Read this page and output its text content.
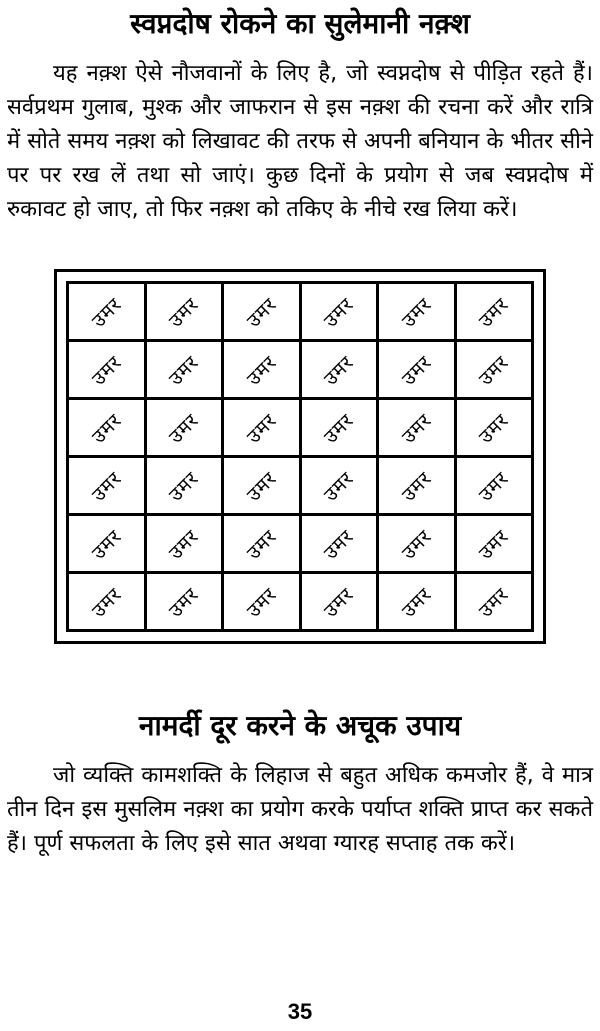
स्वप्नदोष रोकने का सुलेमानी नक़्श

यह नक़्श ऐसे नौजवानों के लिए है, जो स्वप्नदोष से पीड़ित रहते हैं। सर्वप्रथम गुलाब, मुश्क और जाफरान से इस नक़्श की रचना करें और रात्रि में सोते समय नक़्श को लिखावट की तरफ से अपनी बनियान के भीतर सीने पर पर रख लें तथा सो जाएं। कुछ दिनों के प्रयोग से जब स्वप्नदोष में रुकावट हो जाए, तो फिर नक़्श को तकिए के नीचे रख लिया करें।

उमर	उमर	उमर	उमर	उमर	उमर
उमर	उमर	उमर	उमर	उमर	उमर
उमर	उमर	उमर	उमर	उमर	उमर
उमर	उमर	उमर	उमर	उमर	उमर
उमर	उमर	उमर	उमर	उमर	उमर
उमर	उमर	उमर	उमर	उमर	उमर
नामर्दी दूर करने के अचूक उपाय

जो व्यक्ति कामशक्ति के लिहाज से बहुत अधिक कमजोर हैं, वे मात्र तीन दिन इस मुसलिम नक़्श का प्रयोग करके पर्याप्त शक्ति प्राप्त कर सकते हैं। पूर्ण सफलता के लिए इसे सात अथवा ग्यारह सप्ताह तक करें।

35
